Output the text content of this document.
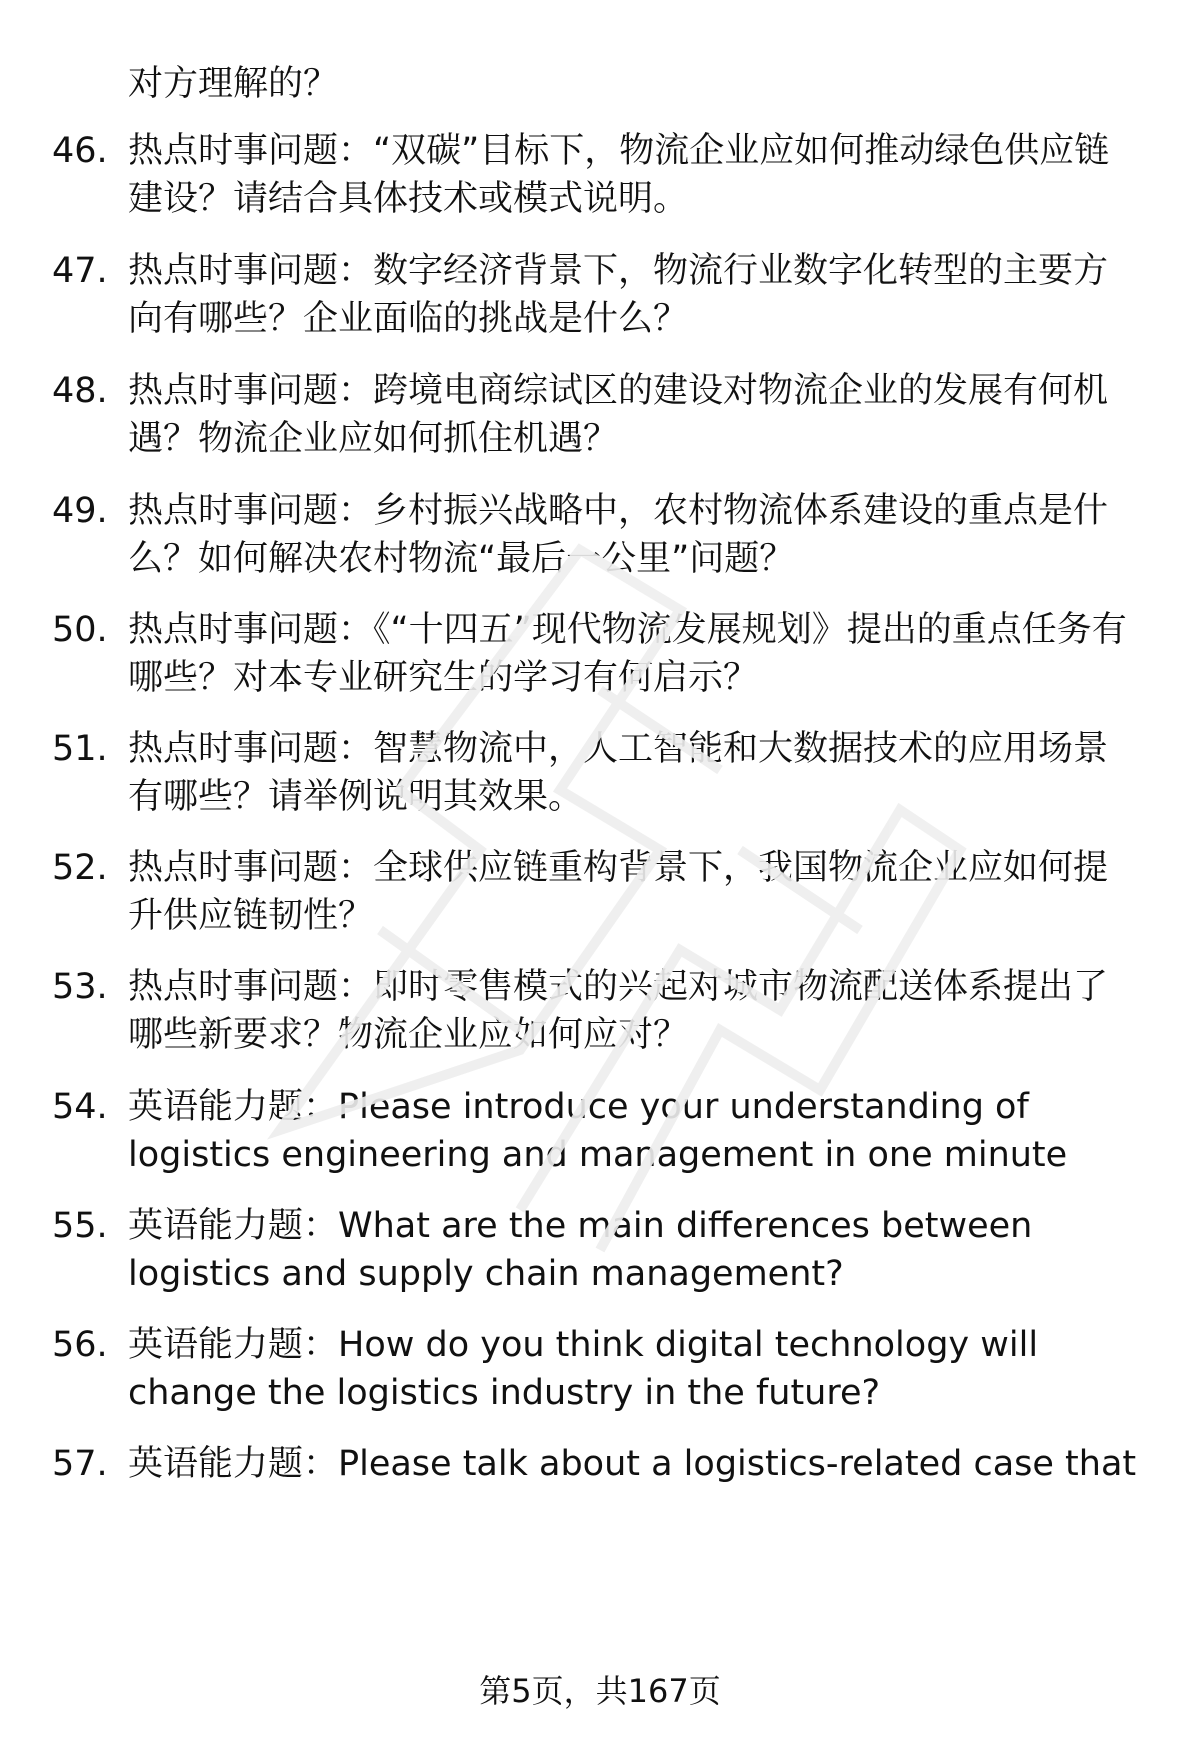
对方理解的？
46. 热点时事问题：“双碳”目标下，物流企业应如何推动绿色供应链建设？请结合具体技术或模式说明。
47. 热点时事问题：数字经济背景下，物流行业数字化转型的主要方向有哪些？企业面临的挑战是什么？
48. 热点时事问题：跨境电商综试区的建设对物流企业的发展有何机遇？物流企业应如何抓住机遇？
49. 热点时事问题：乡村振兴战略中，农村物流体系建设的重点是什么？如何解决农村物流“最后一公里”问题？
50. 热点时事问题：《“十四五”现代物流发展规划》提出的重点任务有哪些？对本专业研究生的学习有何启示？
51. 热点时事问题：智慧物流中，人工智能和大数据技术的应用场景有哪些？请举例说明其效果。
52. 热点时事问题：全球供应链重构背景下，我国物流企业应如何提升供应链韧性？
53. 热点时事问题：即时零售模式的兴起对城市物流配送体系提出了哪些新要求？物流企业应如何应对？
54. 英语能力题：Please introduce your understanding of logistics engineering and management in one minute
55. 英语能力题：What are the main differences between logistics and supply chain management?
56. 英语能力题：How do you think digital technology will change the logistics industry in the future?
57. 英语能力题：Please talk about a logistics-related case that
第5页，共167页
